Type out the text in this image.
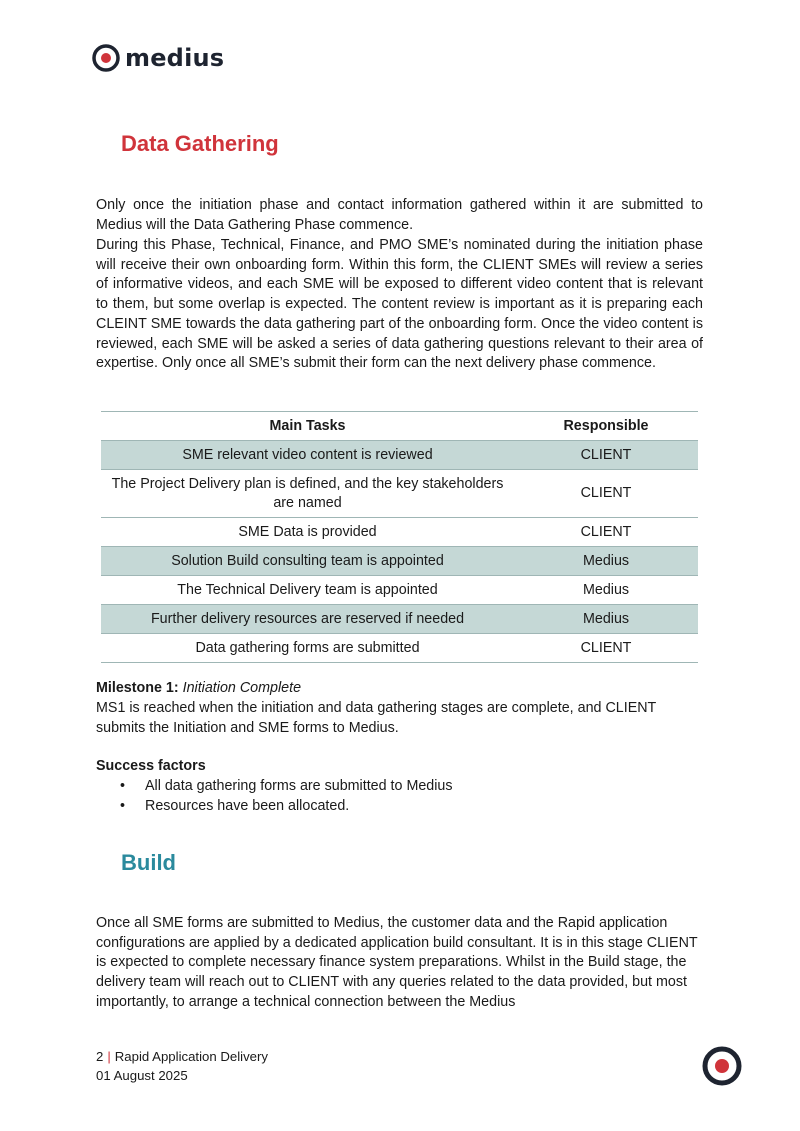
medius
Data Gathering

Only once the initiation phase and contact information gathered within it are submitted to Medius will the Data Gathering Phase commence.

During this Phase, Technical, Finance, and PMO SME’s nominated during the initiation phase will receive their own onboarding form. Within this form, the CLIENT SMEs will review a series of informative videos, and each SME will be exposed to different video content that is relevant to them, but some overlap is expected. The content review is important as it is preparing each CLEINT SME towards the data gathering part of the onboarding form. Once the video content is reviewed, each SME will be asked a series of data gathering questions relevant to their area of expertise. Only once all SME’s submit their form can the next delivery phase commence.

Main Tasks	Responsible
SME relevant video content is reviewed	CLIENT
The Project Delivery plan is defined, and the key stakeholders are named	CLIENT
SME Data is provided	CLIENT
Solution Build consulting team is appointed	Medius
The Technical Delivery team is appointed	Medius
Further delivery resources are reserved if needed	Medius
Data gathering forms are submitted	CLIENT
Milestone 1: Initiation Complete

MS1 is reached when the initiation and data gathering stages are complete, and CLIENT submits the Initiation and SME forms to Medius.

Success factors
• All data gathering forms are submitted to Medius
• Resources have been allocated.
Build

Once all SME forms are submitted to Medius, the customer data and the Rapid application configurations are applied by a dedicated application build consultant. It is in this stage CLIENT is expected to complete necessary finance system preparations. Whilst in the Build stage, the delivery team will reach out to CLIENT with any queries related to the data provided, but most importantly, to arrange a technical connection between the Medius

2 | Rapid Application Delivery
01 August 2025
